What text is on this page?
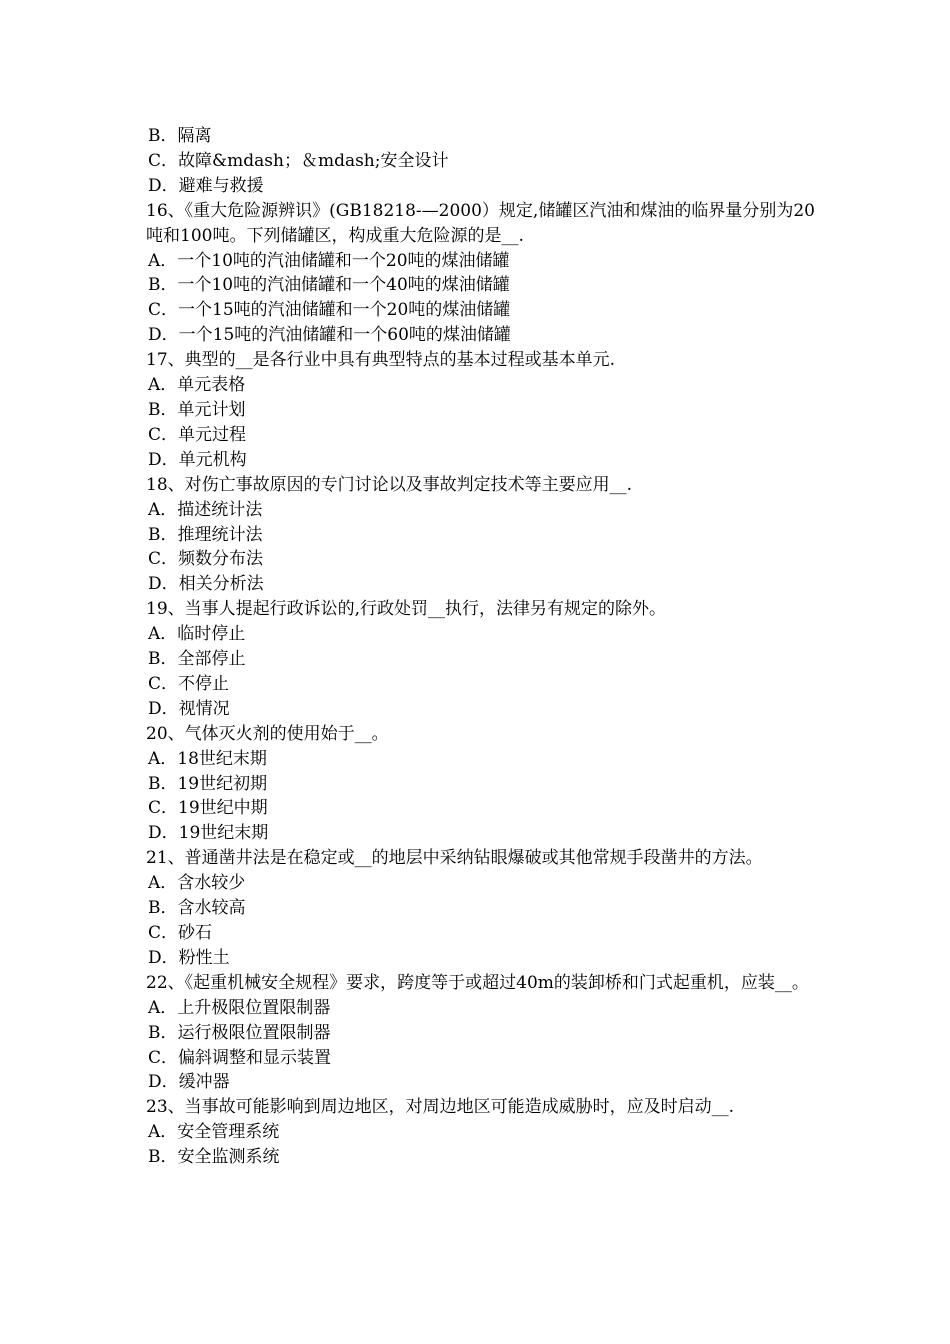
B．隔离

C．故障&mdash；＆mdash;安全设计

D．避难与救援

16、《重大危险源辨识》(GB18218-—2000）规定,储罐区汽油和煤油的临界量分别为20吨和100吨。下列储罐区，构成重大危险源的是__.

A．一个10吨的汽油储罐和一个20吨的煤油储罐

B．一个10吨的汽油储罐和一个40吨的煤油储罐

C．一个15吨的汽油储罐和一个20吨的煤油储罐

D．一个15吨的汽油储罐和一个60吨的煤油储罐

17、典型的__是各行业中具有典型特点的基本过程或基本单元.

A．单元表格

B．单元计划

C．单元过程

D．单元机构

18、对伤亡事故原因的专门讨论以及事故判定技术等主要应用__.

A．描述统计法

B．推理统计法

C．频数分布法

D．相关分析法

19、当事人提起行政诉讼的,行政处罚__执行，法律另有规定的除外。

A．临时停止

B．全部停止

C．不停止

D．视情况

20、气体灭火剂的使用始于__。

A．18世纪末期

B．19世纪初期

C．19世纪中期

D．19世纪末期

21、普通凿井法是在稳定或__的地层中采纳钻眼爆破或其他常规手段凿井的方法。

A．含水较少

B．含水较高

C．砂石

D．粉性土

22、《起重机械安全规程》要求，跨度等于或超过40m的装卸桥和门式起重机，应装__。

A．上升极限位置限制器

B．运行极限位置限制器

C．偏斜调整和显示装置

D．缓冲器

23、当事故可能影响到周边地区，对周边地区可能造成威胁时，应及时启动__.

A．安全管理系统

B．安全监测系统
